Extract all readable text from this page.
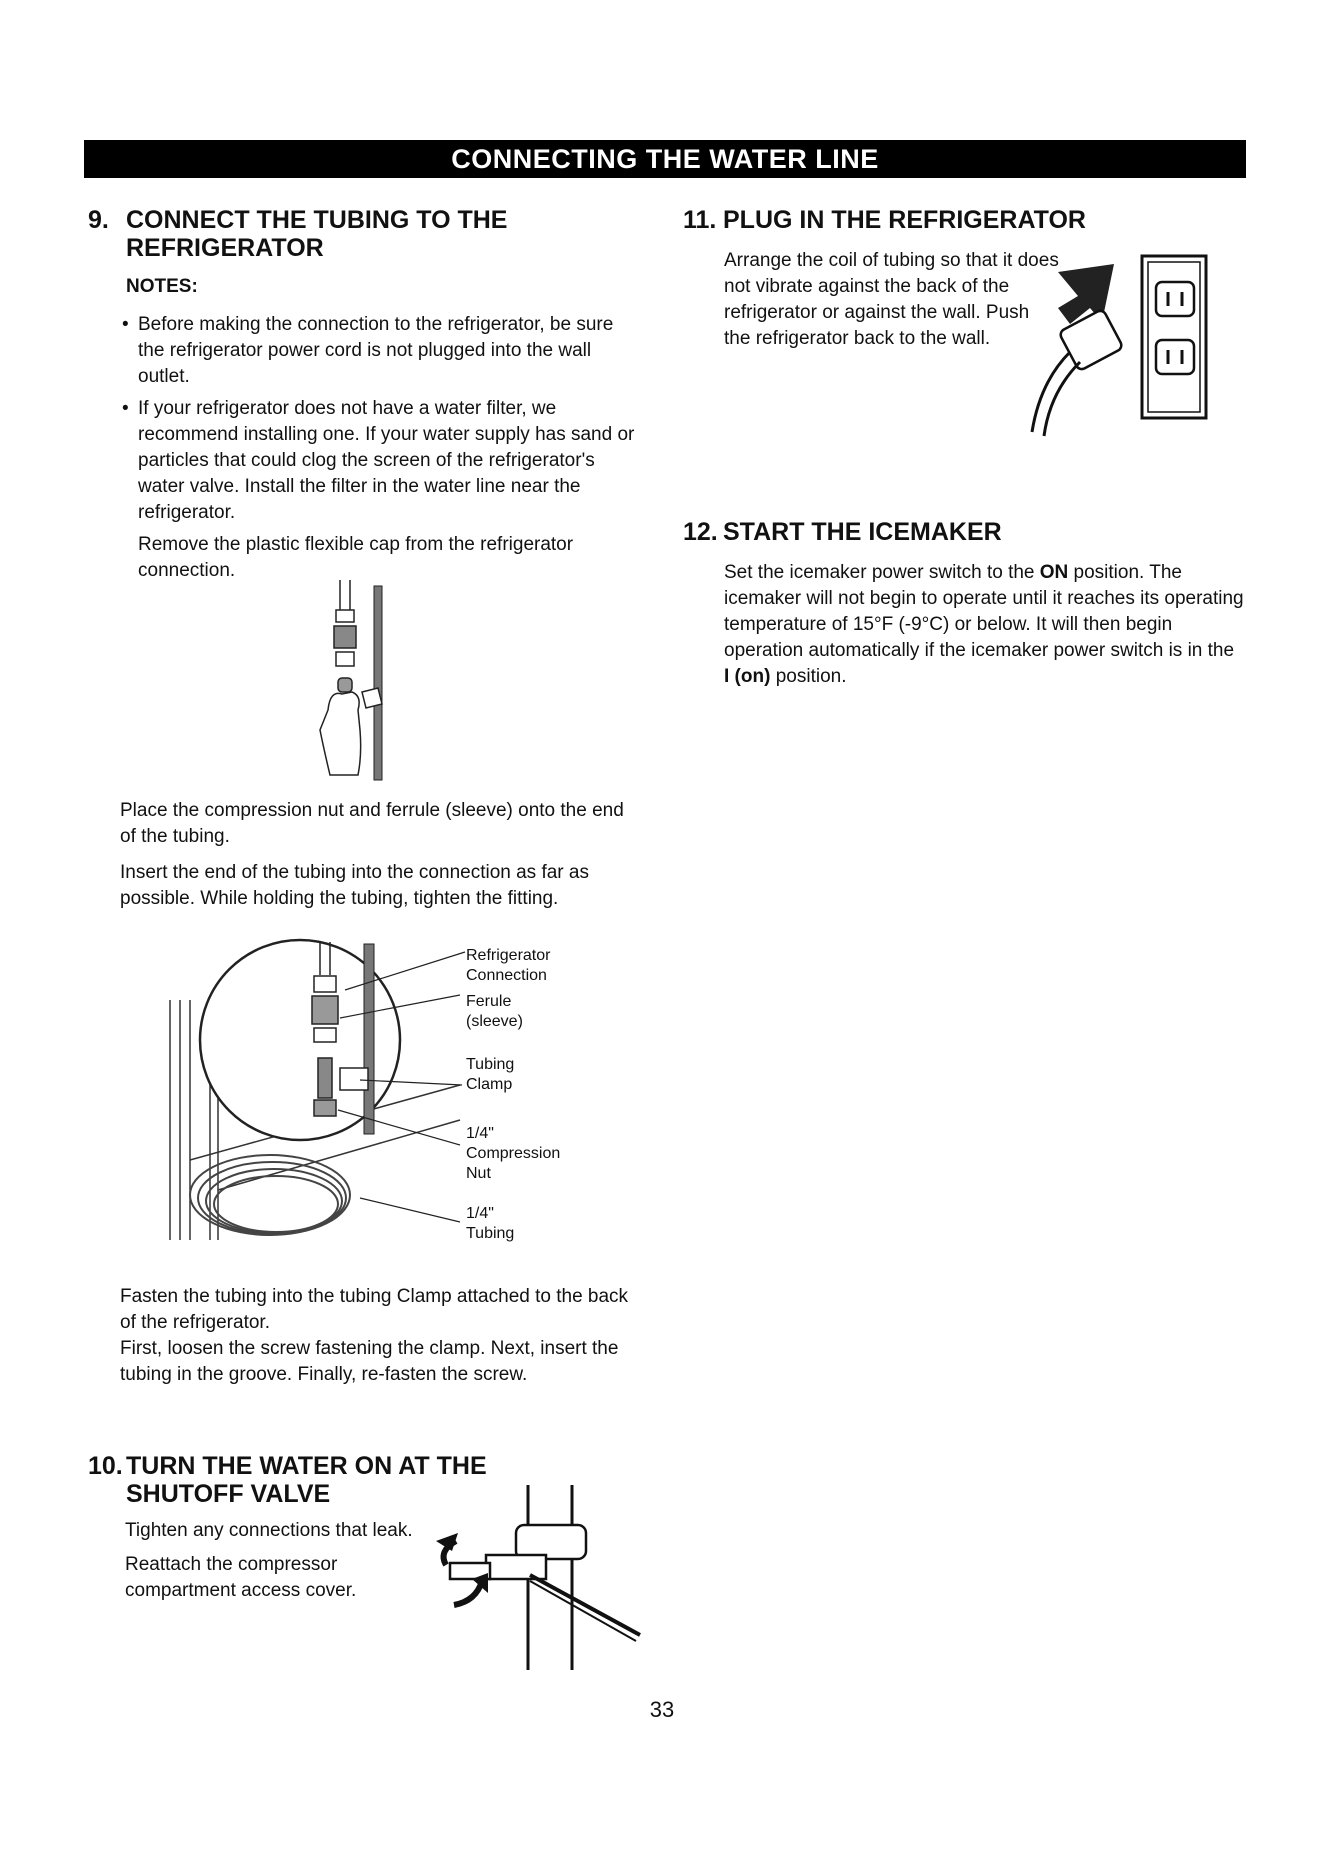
CONNECTING THE WATER LINE
9. CONNECT THE TUBING TO THE
REFRIGERATOR
NOTES:
• Before making the connection to the refrigerator, be sure the refrigerator power cord is not plugged into the wall outlet.
• If your refrigerator does not have a water filter, we recommend installing one. If your water supply has sand or particles that could clog the screen of the refrigerator's water valve. Install the filter in the water line near the refrigerator.

Remove the plastic flexible cap from the refrigerator connection.

Place the compression nut and ferrule (sleeve) onto the end of the tubing.
Insert the end of the tubing into the connection as far as possible. While holding the tubing, tighten the fitting.
Refrigerator
Connection
Ferule
(sleeve)
Tubing
Clamp
1/4"
Compression
Nut
1/4"
Tubing
Fasten the tubing into the tubing Clamp attached to the back of the refrigerator.
First, loosen the screw fastening the clamp. Next, insert the tubing in the groove. Finally, re-fasten the screw.
10. TURN THE WATER ON AT THE
SHUTOFF VALVE

Tighten any connections that leak.

Reattach the compressor compartment access cover.

11. PLUG IN THE REFRIGERATOR
Arrange the coil of tubing so that it does not vibrate against the back of the refrigerator or against the wall. Push the refrigerator back to the wall.
12. START THE ICEMAKER
Set the icemaker power switch to the ON position. The icemaker will not begin to operate until it reaches its operating temperature of 15°F (-9°C) or below. It will then begin operation automatically if the icemaker power switch is in the I (on) position.
33
